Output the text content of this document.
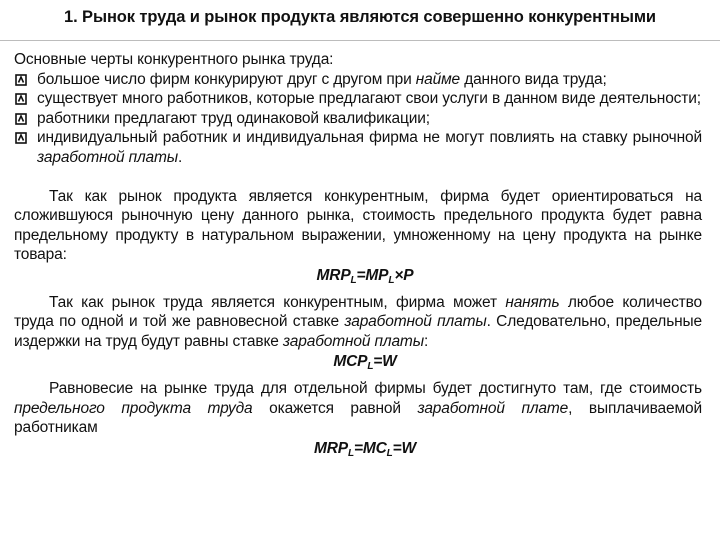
1. Рынок труда и рынок продукта являются совершенно конкурентными

Основные черты конкурентного рынка труда:

большое число фирм конкурируют друг с другом при найме данного вида труда;
существует много работников, которые предлагают свои услуги в данном виде деятельности;
работники предлагают труд одинаковой квалификации;
индивидуальный работник и индивидуальная фирма не могут повлиять на ставку рыночной заработной платы.

Так как рынок продукта является конкурентным, фирма будет ориентироваться на сложившуюся рыночную цену данного рынка, стоимость предельного продукта будет равна предельному продукту в натуральном выражении, умноженному на цену продукта на рынке товара:

$MRP_L=MP_L\times P$

Так как рынок труда является конкурентным, фирма может нанять любое количество труда по одной и той же равновесной ставке заработной платы. Следовательно, предельные издержки на труд будут равны ставке заработной платы:

$MCP_L=W$

Равновесие на рынке труда для отдельной фирмы будет достигнуто там, где стоимость предельного продукта труда окажется равной заработной плате, выплачиваемой работникам

$MRP_L=MC_L=W$
